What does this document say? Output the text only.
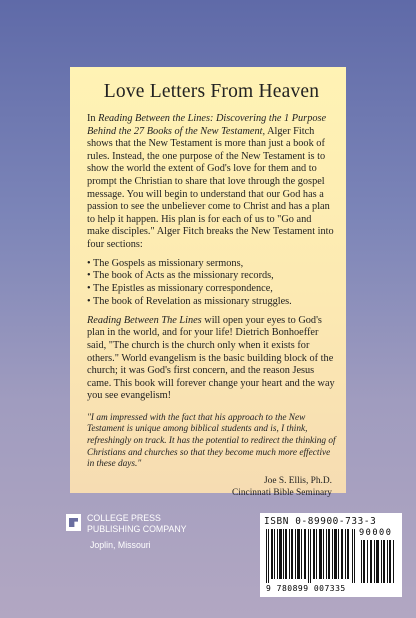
Love Letters From Heaven

In Reading Between the Lines: Discovering the 1 Purpose Behind the 27 Books of the New Testament, Alger Fitch shows that the New Testament is more than just a book of rules. Instead, the one purpose of the New Testament is to show the world the extent of God's love for them and to prompt the Christian to share that love through the gospel message. You will begin to understand that our God has a passion to see the unbeliever come to Christ and has a plan to help it happen. His plan is for each of us to "Go and make disciples." Alger Fitch breaks the New Testament into four sections:

• The Gospels as missionary sermons,
• The book of Acts as the missionary records,
• The Epistles as missionary correspondence,
• The book of Revelation as missionary struggles.

Reading Between The Lines will open your eyes to God's plan in the world, and for your life! Dietrich Bonhoeffer said, "The church is the church only when it exists for others." World evangelism is the basic building block of the church; it was God's first concern, and the reason Jesus came. This book will forever change your heart and the way you see evangelism!

"I am impressed with the fact that his approach to the New Testament is unique among biblical students and is, I think, refreshingly on track. It has the potential to redirect the thinking of Christians and churches so that they become much more effective in these days."

Joe S. Ellis, Ph.D.
Cincinnati Bible Seminary
COLLEGE PRESS
PUBLISHING COMPANY
Joplin, Missouri
ISBN 0-89900-733-3
90000
9 780899 007335
